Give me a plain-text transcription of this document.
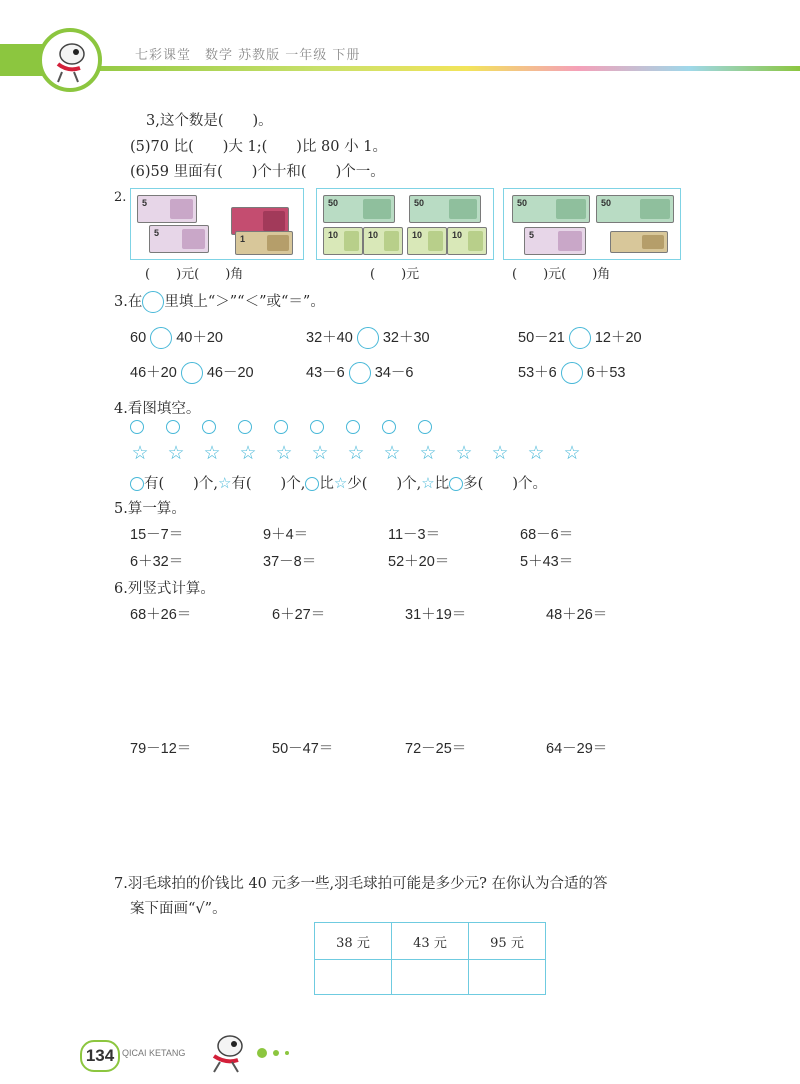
七彩课堂　数学 苏教版 一年级 下册
3,这个数是(　　)。
(5)70 比(　　)大 1;(　　)比 80 小 1。
(6)59 里面有(　　)个十和(　　)个一。
2. 5
5
1
(　　)元(　　)角
50	50
10	10	10	10
(　　)元
50	50
5
(　　)元(　　)角
3.在 里填上“＞”“＜”或“＝”。
60 40＋20	32＋40 32＋30	50－21 12＋20
46＋20 46－20	43－6 34－6	53＋6 6＋53
4.看图填空。
☆ ☆ ☆ ☆ ☆ ☆ ☆ ☆ ☆ ☆ ☆ ☆ ☆
有(　　)个,☆有(　　)个, 比☆少(　　)个,☆比 多(　　)个。
5.算一算。
15－7＝	9＋4＝	11－3＝	68－6＝
6＋32＝	37－8＝	52＋20＝	5＋43＝
6.列竖式计算。
68＋26＝	6＋27＝	31＋19＝	48＋26＝
79－12＝	50－47＝	72－25＝	64－29＝
7.羽毛球拍的价钱比 40 元多一些,羽毛球拍可能是多少元? 在你认为合适的答
案下面画“√”。
38 元	43 元	95 元

134 QICAI KETANG
